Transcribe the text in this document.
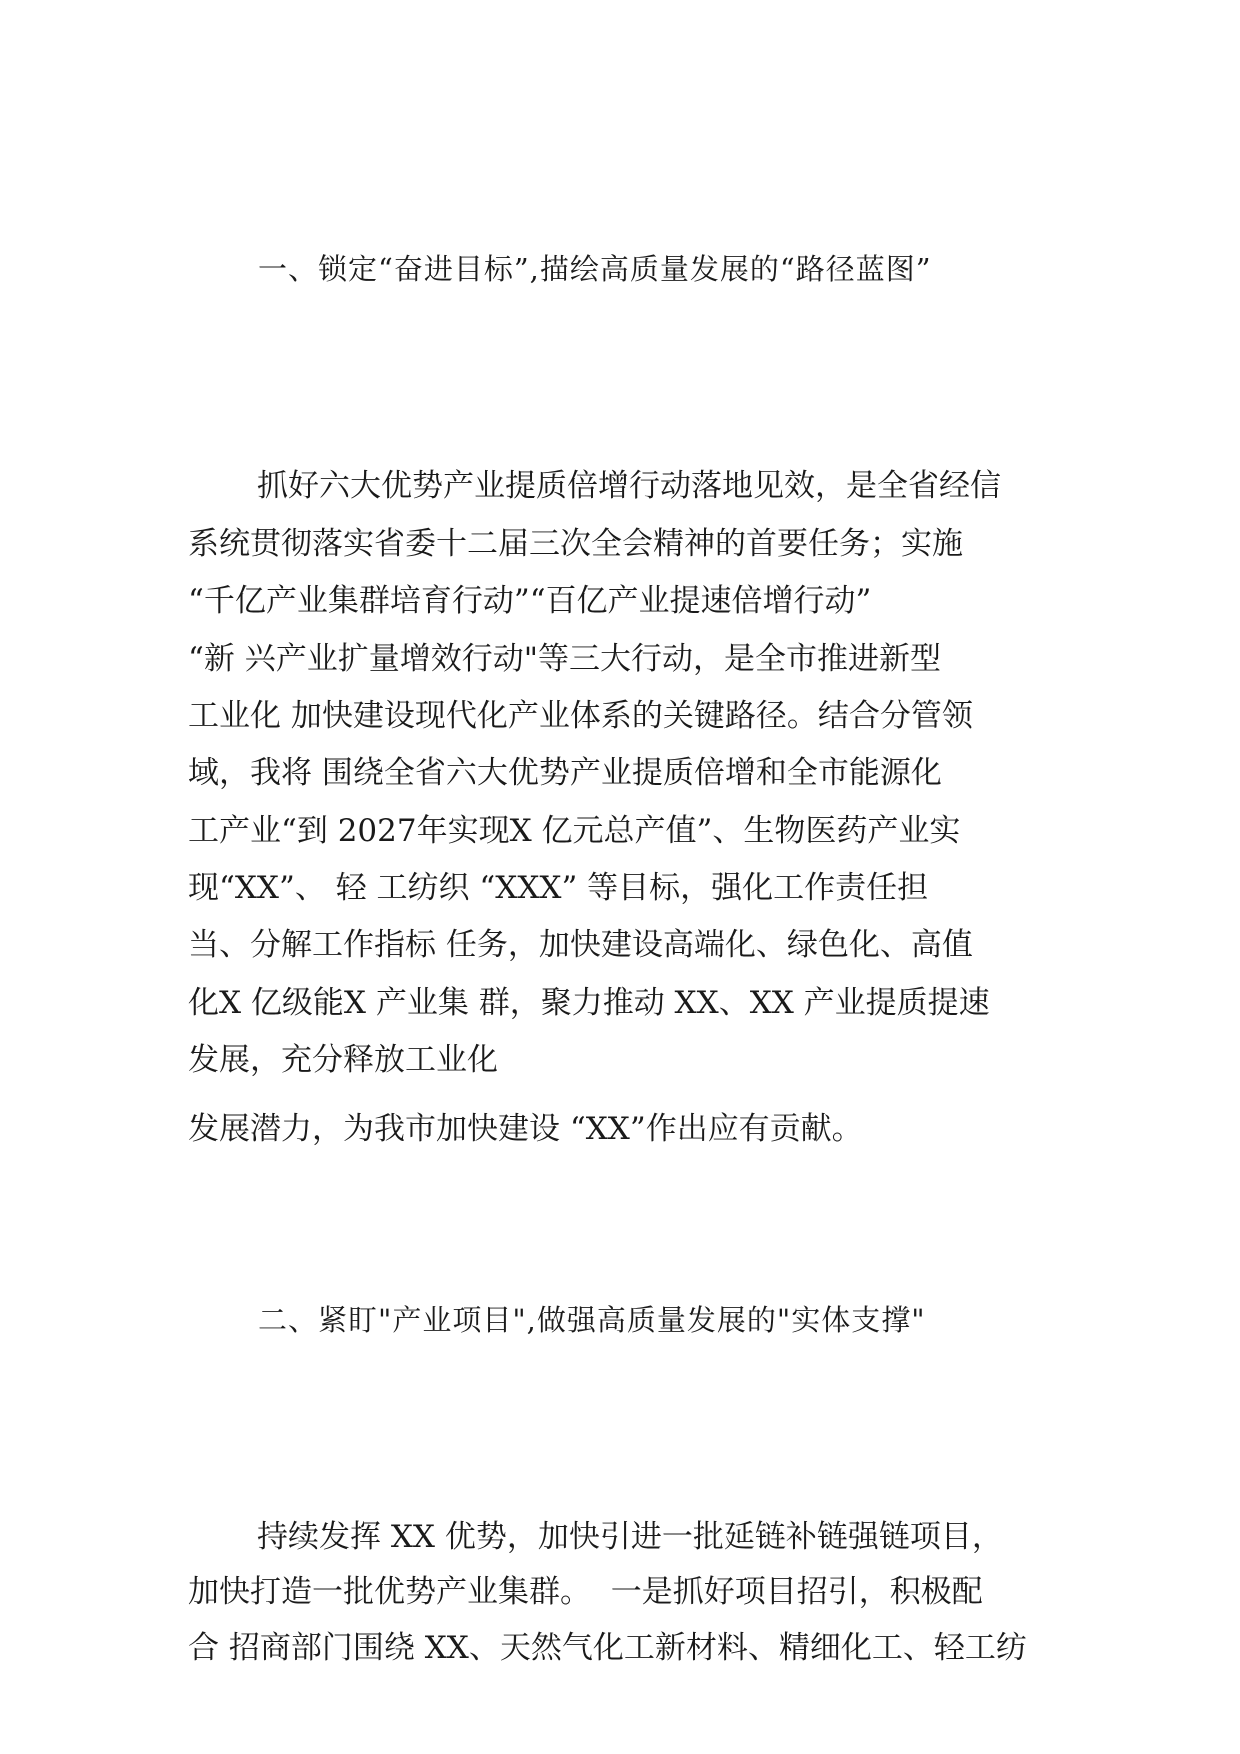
一、锁定“奋进目标”,描绘高质量发展的“路径蓝图”

抓好六大优势产业提质倍增行动落地见效，是全省经信

系统贯彻落实省委十二届三次全会精神的首要任务；实施

“千亿产业集群培育行动”“百亿产业提速倍增行动”

“新 兴产业扩量增效行动"等三大行动，是全市推进新型

工业化 加快建设现代化产业体系的关键路径。结合分管领

域，我将 围绕全省六大优势产业提质倍增和全市能源化

工产业“到 2027年实现X 亿元总产值”、生物医药产业实

现“XX”、 轻 工纺织 “XXX” 等目标，强化工作责任担

当、分解工作指标 任务，加快建设高端化、绿色化、高值

化X 亿级能X 产业集 群，聚力推动 XX、XX 产业提质提速

发展，充分释放工业化

发展潜力，为我市加快建设 “XX”作出应有贡献。

二、紧盯"产业项目",做强高质量发展的"实体支撑"

持续发挥 XX 优势，加快引进一批延链补链强链项目，

加快打造一批优势产业集群。  一是抓好项目招引，积极配

合 招商部门围绕 XX、天然气化工新材料、精细化工、轻工纺
